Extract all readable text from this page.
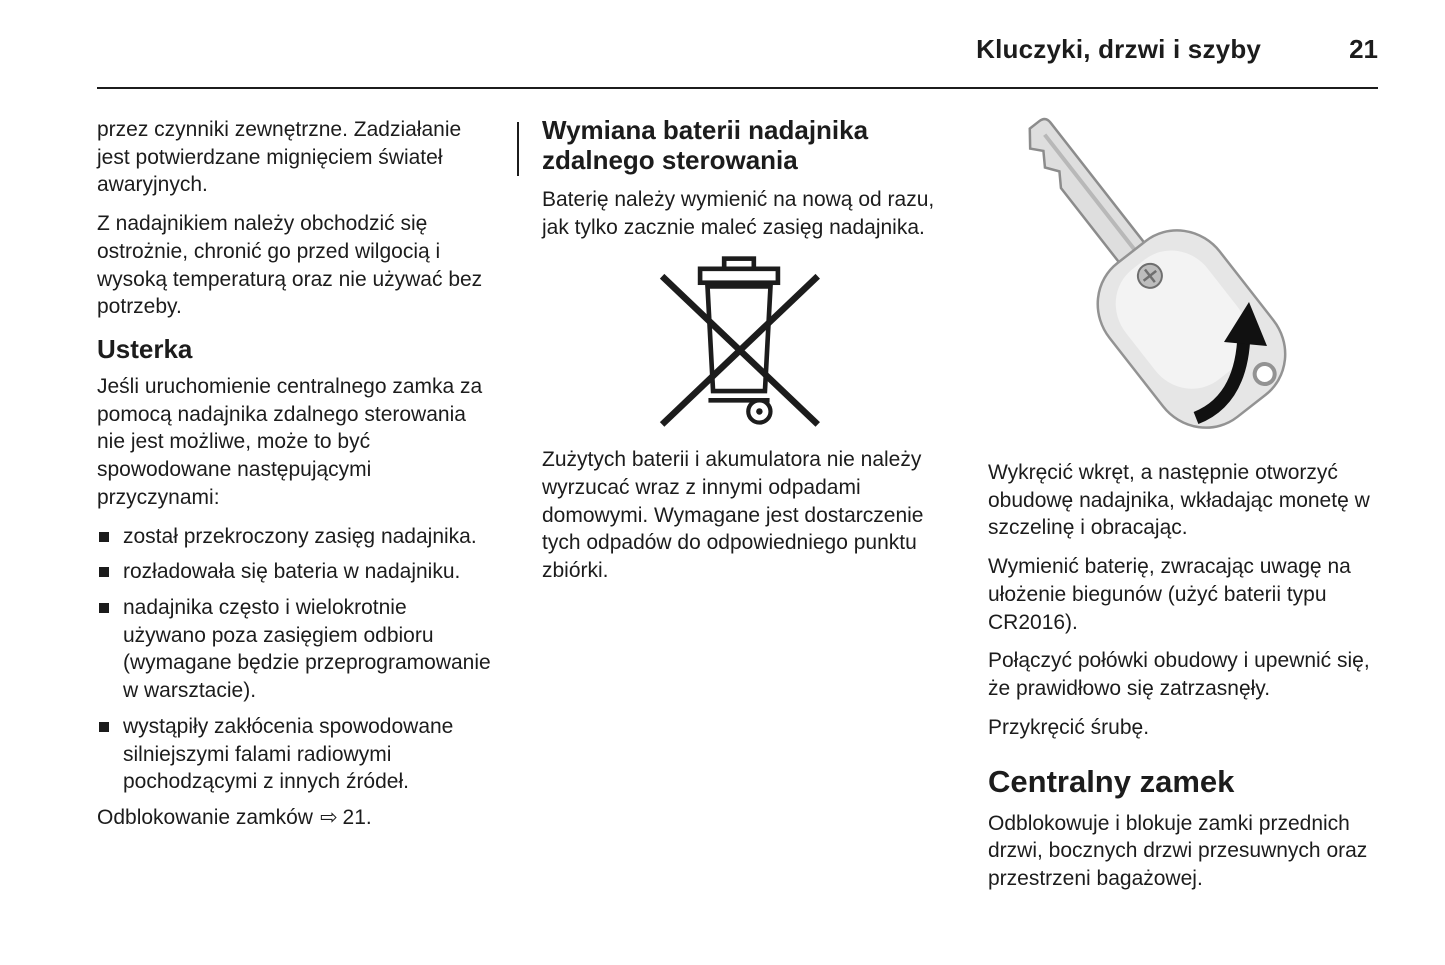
Kluczyki, drzwi i szyby	21

przez czynniki zewnętrzne. Zadziałanie jest potwierdzane mignięciem świateł awaryjnych.

Z nadajnikiem należy obchodzić się ostrożnie, chronić go przed wilgocią i wysoką temperaturą oraz nie używać bez potrzeby.

Usterka

Jeśli uruchomienie centralnego zamka za pomocą nadajnika zdalnego sterowania nie jest możliwe, może to być spowodowane następującymi przyczynami:

został przekroczony zasięg nadajnika.
rozładowała się bateria w nadajniku.
nadajnika często i wielokrotnie używano poza zasięgiem odbioru (wymagane będzie przeprogramowanie w warsztacie).
wystąpiły zakłócenia spowodowane silniejszymi falami radiowymi pochodzącymi z innych źródeł.

Odblokowanie zamków ⇨ 21.

Wymiana baterii nadajnika zdalnego sterowania

Baterię należy wymienić na nową od razu, jak tylko zacznie maleć zasięg nadajnika.

Zużytych baterii i akumulatora nie należy wyrzucać wraz z innymi odpadami domowymi. Wymagane jest dostarczenie tych odpadów do odpowiedniego punktu zbiórki.

Wykręcić wkręt, a następnie otworzyć obudowę nadajnika, wkładając monetę w szczelinę i obracając.

Wymienić baterię, zwracając uwagę na ułożenie biegunów (użyć baterii typu CR2016).

Połączyć połówki obudowy i upewnić się, że prawidłowo się zatrzasnęły.

Przykręcić śrubę.

Centralny zamek

Odblokowuje i blokuje zamki przednich drzwi, bocznych drzwi przesuwnych oraz przestrzeni bagażowej.
